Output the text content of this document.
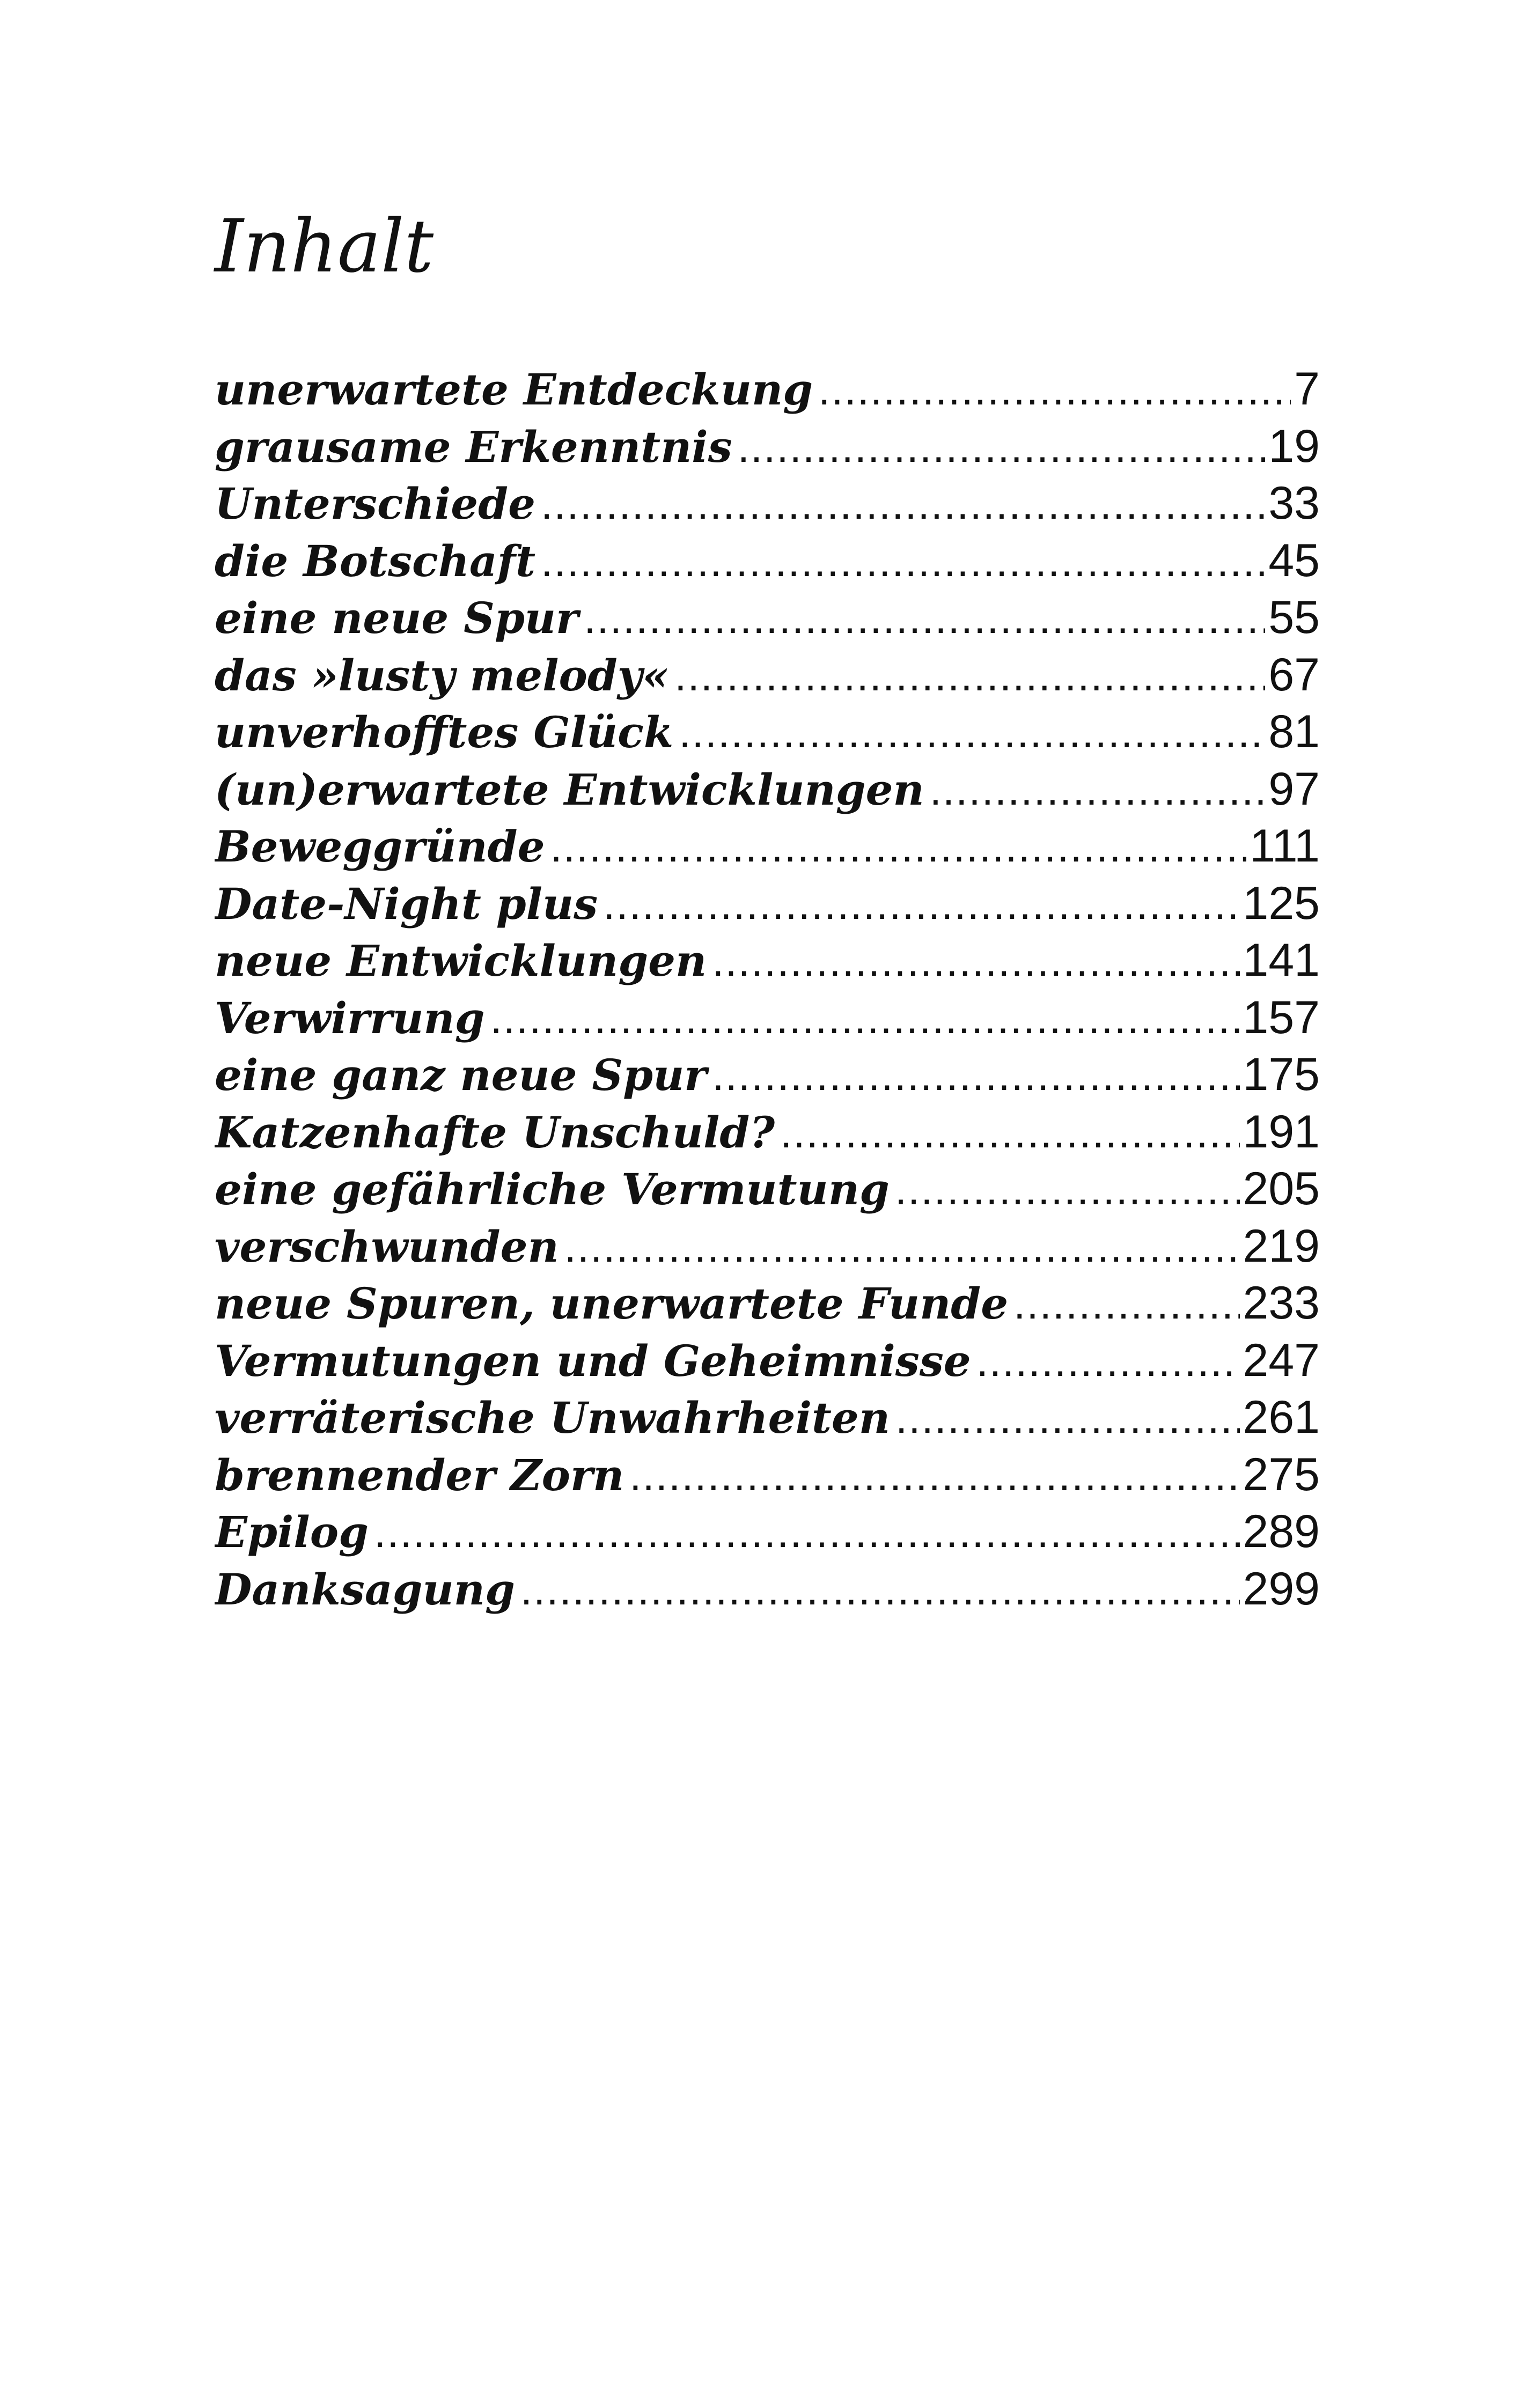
Inhalt
unerwartete Entdeckung .....	7
grausame Erkenntnis .....	19
Unterschiede .....	33
die Botschaft .....	45
eine neue Spur .....	55
das »lusty melody« .....	67
unverhofftes Glück .....	81
(un)erwartete Entwicklungen .....	97
Beweggründe .....	111
Date-Night plus .....	125
neue Entwicklungen .....	141
Verwirrung .....	157
eine ganz neue Spur .....	175
Katzenhafte Unschuld? .....	191
eine gefährliche Vermutung .....	205
verschwunden .....	219
neue Spuren, unerwartete Funde .....	233
Vermutungen und Geheimnisse .....	247
verräterische Unwahrheiten .....	261
brennender Zorn .....	275
Epilog .....	289
Danksagung .....	299
